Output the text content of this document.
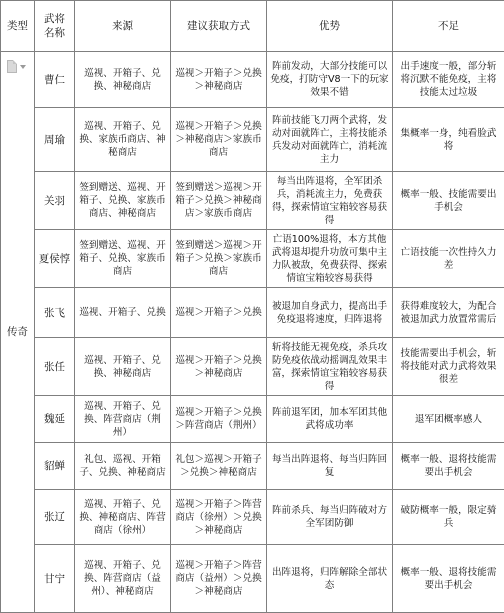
类型	武将
名称	来源	建议获取方式	优势	不足

传奇	曹仁	巡视、开箱子、兑换、神秘商店	巡视＞开箱子＞兑换＞神秘商店	阵前发动，大部分技能可以免疫，打防守V8一下的玩家效果不错	出手速度一般，部分斩将沉默不能免疫，主将技能太过垃圾
	周瑜	巡视、开箱子、兑换、家族币商店、神秘商店	巡视＞开箱子＞兑换＞神秘商店＞家族币商店	阵前技能飞刀两个武将，发动对面就阵亡，主将技能杀兵发动对面就阵亡，消耗流主力	集概率一身，纯看脸武将
	关羽	签到赠送、巡视、开箱子、兑换、家族币商店、神秘商店	签到赠送＞巡视＞开箱子＞兑换＞神秘商店＞家族币商店	每当出阵退将，全军团杀兵，消耗流主力，免费获得，探索情谊宝箱较容易获得	概率一般、技能需要出手机会
	夏侯惇	签到赠送、巡视、开箱子、兑换、家族币商店	签到赠送＞巡视＞开箱子＞兑换＞家族币商店	亡语100%退将，本方其他武将退却提升功放可集中主力队被敌，免费获得、探索情谊宝箱较容易获得	亡语技能一次性持久力差
	张飞	巡视、开箱子、兑换	巡视＞开箱子＞兑换	被退加自身武力，提高出手免疫退将速度，归阵退将	获得难度较大，为配合被退加武力放置常需后
	张任	巡视、开箱子、兑换、神秘商店	巡视＞开箱子＞兑换＞神秘商店	斩将技能无视免疫，杀兵攻防免疫依战动摇调乱效果丰富，探索情谊宝箱较容易获得	技能需要出手机会，斩将技能对武力武将效果很差
	魏延	巡视、开箱子、兑换、阵营商店（荆州）	巡视＞开箱子＞兑换＞阵营商店（荆州）	阵前退军团，加本军团其他武将成功率	退军团概率感人
	貂蝉	礼包、巡视、开箱子、兑换、神秘商店	礼包＞巡视＞开箱子＞兑换＞神秘商店	每当出阵退将、每当归阵回复	概率一般、退将技能需要出手机会
	张辽	巡视、开箱子、兑换、神秘商店、阵营商店（徐州）	巡视＞开箱子＞阵营商店（徐州）＞兑换＞神秘商店	阵前杀兵、每当归阵破对方全军团防御	破防概率一般，限定骑兵
	甘宁	巡视、开箱子、兑换、阵营商店（益州）、神秘商店	巡视＞开箱子＞阵营商店（益州）＞兑换＞神秘商店	出阵退将，归阵解除全部状态	概率一般、退将技能需要出手机会
